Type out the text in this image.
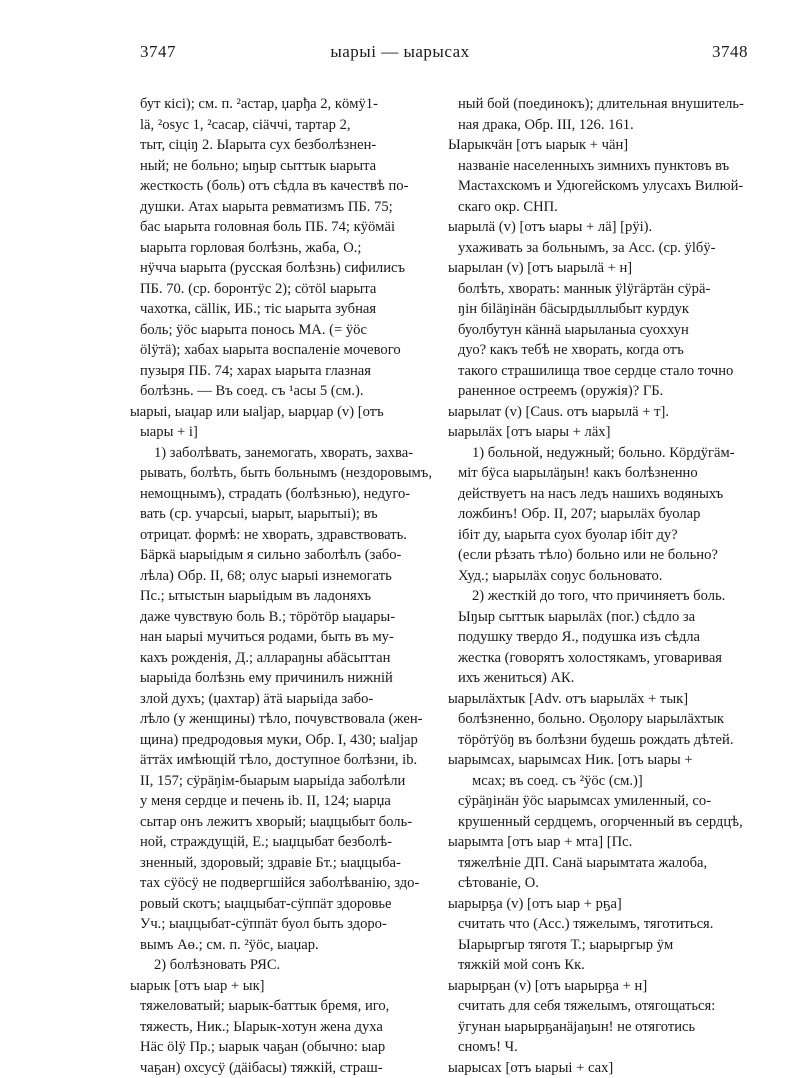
ыарыі — ыарысах
3747	3748
бут кісі); см. п. ²астар, џарђа 2, кöмÿ1-
lä, ²оѕус 1, ²сасар, сіäччі, тартар 2,
тыт, сіціŋ 2. Ыарыта сух безболѣзнен-
ный; не больно; ыŋыр сыттык ыарыта
жесткость (боль) отъ сѣдла въ качествѣ по-
душки. Атах ыарыта ревматизмъ ПБ. 75;
бас ыарыта головная боль ПБ. 74; кÿöмäi
ыарыта горловая болѣзнь, жаба, О.;
нÿчча ыарыта (русская болѣзнь) сифилисъ
ПБ. 70. (ср. боронтÿс 2); сöтöl ыарыта
чахотка, сällік, ИБ.; тіс ыарыта зубная
боль; ÿöс ыарыта понось МА. (= ÿöс
ölÿтä); хабах ыарыта воспаленіе мочевого
пузыря ПБ. 74; харах ыарыта глазная
болѣзнь. — Въ соед. съ ¹асы 5 (см.).
ыарыі, ыаџар или ыаljар, ыарџар (v) [отъ
ыары + і]
1) заболѣвать, занемогать, хворать, захва-
рывать, болѣть, быть больнымъ (нездоровымъ,
немощнымъ), страдать (болѣзнью), недуго-
вать (ср. учарсыі, ыарыт, ыарытыі); въ
отрицат. формѣ: не хворать, здравствовать.
Бäркä ыарыідым я сильно заболѣлъ (забо-
лѣла) Обр. II, 68; олус ыарыі изнемогать
Пс.; ытыстын ыарыідым въ ладоняхъ
даже чувствую боль В.; тöрöтöр ыаџары-
нан ыарыі мучиться родами, быть въ му-
кахъ рожденія, Д.; аллараŋны абäсыттан
ыарыіда болѣзнь ему причинилъ нижній
злой духъ; (џахтар) äтä ыарыіда забо-
лѣло (у женщины) тѣло, почувствовала (жен-
щина) предродовыя муки, Обр. I, 430; ыаljар
äттäх имѣющій тѣло, доступное болѣзни, ib.
II, 157; сÿрäŋім-быарым ыарыіда заболѣли
у меня сердце и печень ib. II, 124; ыарџа
сытар онъ лежитъ хворый; ыаџцыбыт боль-
ной, страждущій, Е.; ыаџцыбат безболѣ-
зненный, здоровый; здравіе Бт.; ыаџцыба-
тах сÿöсÿ не подвергшійся заболѣванію, здо-
ровый скотъ; ыаџцыбат-сÿппäт здоровье
Уч.; ыаџцыбат-сÿппäт буол быть здоро-
вымъ Аө.; см. п. ²ÿöс, ыаџар.
2) болѣзновать РЯС.
ыарык [отъ ыар + ык]
тяжеловатый; ыарык-баттык бремя, иго,
тяжесть, Ник.; Ыарык-хотун жена духа
Нäс ölÿ Пр.; ыарык чаҕан (обычно: ыар
чаҕан) охсусÿ (дäібасы) тяжкій, страш-
ный бой (поединокъ); длительная внушитель-
ная драка, Обр. III, 126. 161.
Ыарыкчäн [отъ ыарык + чäн]
названіе населенныхъ зимнихъ пунктовъ въ
Мастахскомъ и Удюгейскомъ улусахъ Вилюй-
скаго окр. СНП.
ыарылä (v) [отъ ыары + лä] [рÿі).
ухаживать за больнымъ, за Асс. (ср. ÿlбÿ-
ыарылан (v) [отъ ыарылä + н]
болѣть, хворать: маннык ÿlÿгäртäн сÿрä-
ŋін біläŋінäн бäсырдыллыбыт курдук
буолбутун кäннä ыарыланыа суоххун
дуо? какъ тебѣ не хворать, когда отъ
такого страшилища твое сердце стало точно
раненное остреемъ (оружія)? ГБ.
ыарылат (v) [Caus. отъ ыарылä + т].
ыарылäх [отъ ыары + лäх]
1) больной, недужный; больно. Кöрдÿгäм-
міт бÿса ыарылäŋын! какъ болѣзненно
действуетъ на насъ ледъ нашихъ водяныхъ
ложбинъ! Обр. II, 207; ыарылäх буолар
ібіт ду, ыарыта суох буолар ібіт ду?
(если рѣзать тѣло) больно или не больно?
Худ.; ыарылäх соŋус больновато.
2) жесткій до того, что причиняетъ боль.
Ыŋыр сыттык ыарылäх (пог.) сѣдло за
подушку твердо Я., подушка изъ сѣдла
жестка (говорятъ холостякамъ, уговаривая
ихъ жениться) АК.
ыарылäхтык [Adv. отъ ыарылäх + тык]
болѣзненно, больно. Оҕолору ыарылäхтык
тöрöтÿöŋ въ болѣзни будешь рождать дѣтей.
ыарымсах, ыарымсах Ник. [отъ ыары +
мсах; въ соед. съ ²ÿöс (см.)]
сÿрäŋінäн ÿöс ыарымсах умиленный, со-
крушенный сердцемъ, огорченный въ сердцѣ,
ыарымта [отъ ыар + мта] [Пс.
тяжелѣніе ДП. Санä ыарымтата жалоба,
сѣтованіе, О.
ыарырҕа (v) [отъ ыар + рҕа]
считать что (Асс.) тяжелымъ, тяготиться.
Ыарыргыр тяготя Т.; ыарыргыр ÿм
тяжкій мой сонъ Кк.
ыарырҕан (v) [отъ ыарырҕа + н]
считать для себя тяжелымъ, отягощаться:
ÿгунан ыарырҕанäјаŋын! не отяготись
сномъ! Ч.
ыарысах [отъ ыарыі + сах]
